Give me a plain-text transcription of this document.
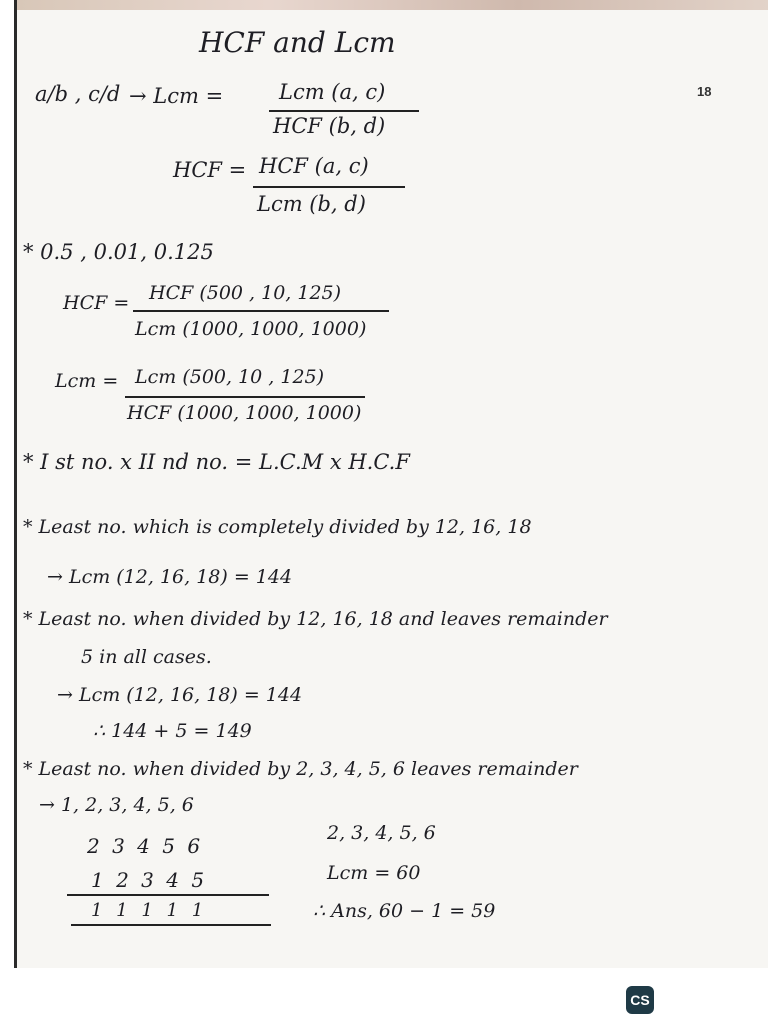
18
HCF and Lcm
a/b , c/d → Lcm =	Lcm (a, c)
HCF (b, d)
HCF = HCF (a, c)
Lcm (b, d)
* 0.5 , 0.01, 0.125
HCF = HCF (500 , 10, 125)
Lcm (1000, 1000, 1000)
Lcm = Lcm (500, 10 , 125)
HCF (1000, 1000, 1000)
* I st no. x II nd no. = L.C.M x H.C.F
* Least no. which is completely divided by 12, 16, 18
→ Lcm (12, 16, 18) = 144
* Least no. when divided by 12, 16, 18 and leaves remainder
5 in all cases.
→ Lcm (12, 16, 18) = 144
∴ 144 + 5 = 149
* Least no. when divided by 2, 3, 4, 5, 6 leaves remainder
→ 1, 2, 3, 4, 5, 6
2 3 4 5 6
1 2 3 4 5
1 1 1 1 1
2, 3, 4, 5, 6
Lcm = 60
∴ Ans, 60 − 1 = 59
CS
